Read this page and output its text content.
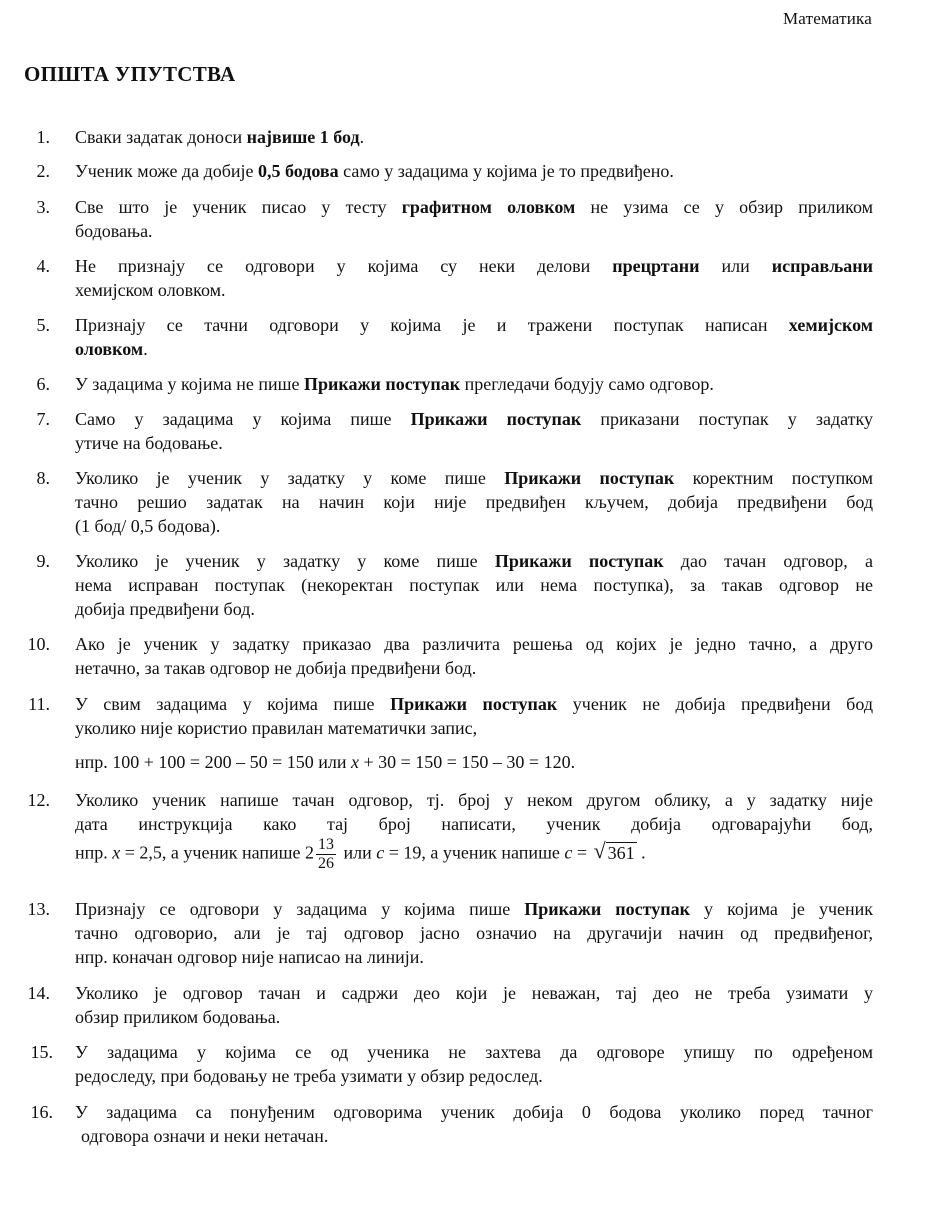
Математика
ОПШТА УПУТСТВА
1. Сваки задатак доноси највише 1 бод.
2. Ученик може да добије 0,5 бодова само у задацима у којима је то предвиђено.
3. Све што је ученик писао у тесту графитном оловком не узима се у обзир приликом
бодовања.
4. Не признају се одговори у којима су неки делови прецртани или исправљани
хемијском оловком.
5. Признају се тачни одговори у којима је и тражени поступак написан хемијском
оловком.
6. У задацима у којима не пише Прикажи поступак прегледачи бодују само одговор.
7. Само у задацима у којима пише Прикажи поступак приказани поступак у задатку
утиче на бодовање.
8. Уколико је ученик у задатку у коме пише Прикажи поступак коректним поступком
тачно решио задатак на начин који није предвиђен кључем, добија предвиђени бод
(1 бод/ 0,5 бодова).
9. Уколико је ученик у задатку у коме пише Прикажи поступак дао тачан одговор, а
нема исправан поступак (некоректан поступак или нема поступка), за такав одговор не
добија предвиђени бод.
10. Ако је ученик у задатку приказао два различита решења од којих је једно тачно, а друго
нетачно, за такав одговор не добија предвиђени бод.
11. У свим задацима у којима пише Прикажи поступак ученик не добија предвиђени бод
уколико није користио правилан математички запис,
нпр. 100 + 100 = 200 – 50 = 150 или x + 30 = 150 = 150 – 30 = 120.
12. Уколико ученик напише тачан одговор, тј. број у неком другом облику, а у задатку није
дата инструкција како тај број написати, ученик добија одговарајући бод,
нпр. x = 2,5, а ученик напише $2 \frac{13}{26}$ или c = 19, а ученик напише c = √ 361 .
13. Признају се одговори у задацима у којима пише Прикажи поступак у којима је ученик
тачно одговорио, али је тај одговор јасно означио на другачији начин од предвиђеног,
нпр. коначан одговор није написао на линији.
14. Уколико је одговор тачан и садржи део који је неважан, тај део не треба узимати у
обзир приликом бодовања.
15. У задацима у којима се од ученика не захтева да одговоре упишу по одређеном
редоследу, при бодовању не треба узимати у обзир редослед.
16. У задацима са понуђеним одговорима ученик добија 0 бодова уколико поред тачног
одговора означи и неки нетачан.
